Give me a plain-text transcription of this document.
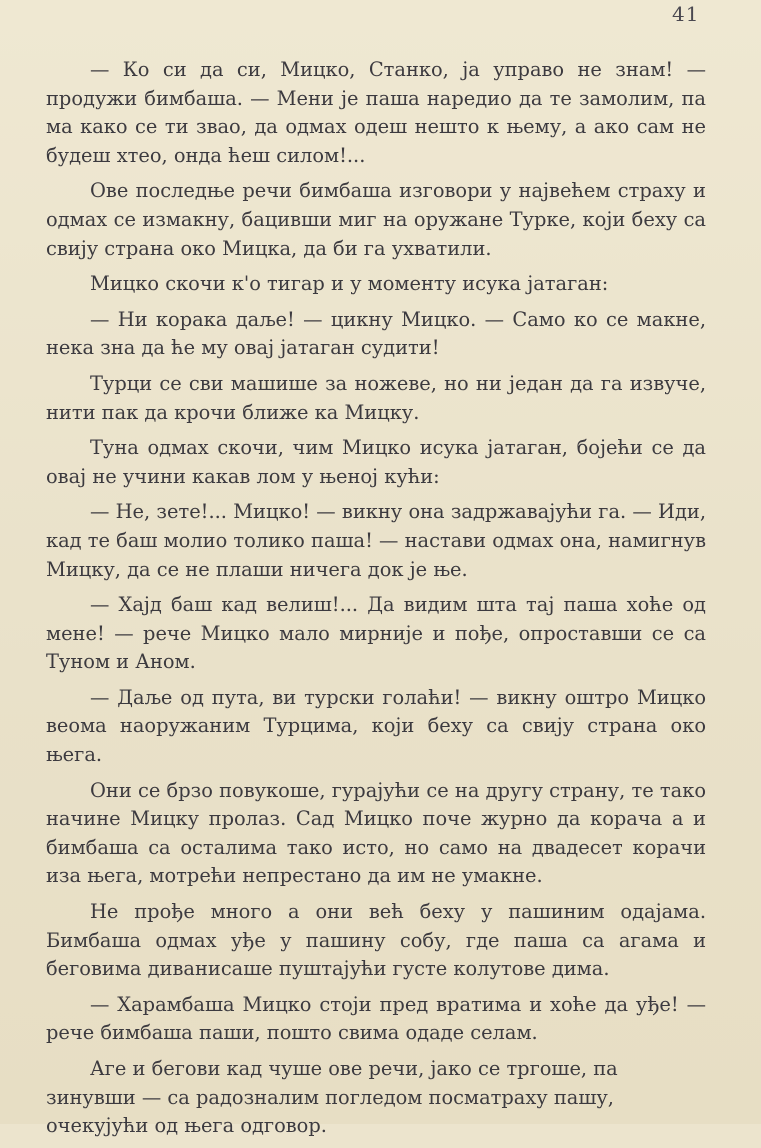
41

— Ко си да си, Мицко, Станко, ја управо не знам! — продужи бимбаша. — Мени је паша наредио да те замолим, па ма како се ти звао, да одмах одеш нешто к њему, а ако сам не будеш хтео, онда ћеш силом!...

Ове последње речи бимбаша изговори у највећем страху и одмах се измакну, бацивши миг на оружане Турке, који беху са свију страна око Мицка, да би га ухватили.

Мицко скочи к'о тигар и у моменту исука јатаган:

— Ни корака даље! — цикну Мицко. — Само ко се макне, нека зна да ће му овај јатаган судити!

Турци се сви машише за ножеве, но ни један да га извуче, нити пак да крочи ближе ка Мицку.

Туна одмах скочи, чим Мицко исука јатаган, бојећи се да овај не учини какав лом у њеној кући:

— Не, зете!... Мицко! — викну она задржавајући га. — Иди, кад те баш молио толико паша! — настави одмах она, намигнув Мицку, да се не плаши ничега док је ње.

— Хајд баш кад велиш!... Да видим шта тај паша хоће од мене! — рече Мицко мало мирније и пође, опроставши се са Туном и Аном.

— Даље од пута, ви турски голаћи! — викну оштро Мицко веома наоружаним Турцима, који беху са свију страна око њега.

Они се брзо повукоше, гурајући се на другу страну, те тако начине Мицку пролаз. Сад Мицко поче журно да корача а и бимбаша са осталима тако исто, но само на двадесет корачи иза њега, мотрећи непрестано да им не умакне.

Не прође много а они већ беху у пашиним одајама. Бимбаша одмах уђе у пашину собу, где паша са агама и беговима диванисаше пуштајући густе колутове дима.

— Харамбаша Мицко стоји пред вратима и хоће да уђе! — рече бимбаша паши, пошто свима одаде селам.

Аге и бегови кад чуше ове речи, јако се тргоше, па зинувши — са радозналим погледом посматраху пашу, очекујући од њега одговор.
